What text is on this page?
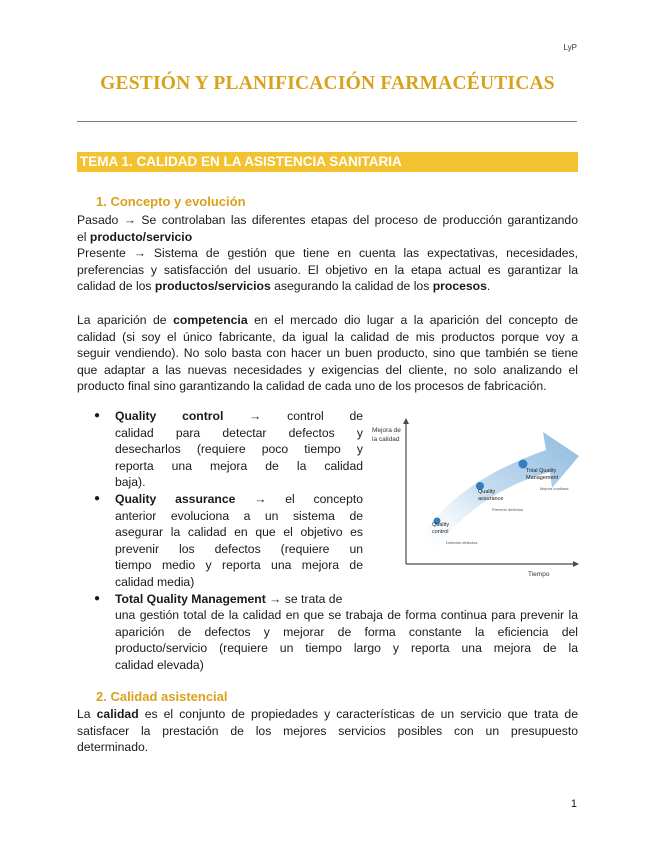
LyP
GESTIÓN Y PLANIFICACIÓN FARMACÉUTICAS
TEMA 1. CALIDAD EN LA ASISTENCIA SANITARIA
1. Concepto y evolución
Pasado → Se controlaban las diferentes etapas del proceso de producción garantizando
el producto/servicio
Presente → Sistema de gestión que tiene en cuenta las expectativas, necesidades,
preferencias y satisfacción del usuario. El objetivo en la etapa actual es garantizar la
calidad de los productos/servicios asegurando la calidad de los procesos.
La aparición de competencia en el mercado dio lugar a la aparición del concepto de
calidad (si soy el único fabricante, da igual la calidad de mis productos porque voy a
seguir vendiendo). No solo basta con hacer un buen producto, sino que también se tiene
que adaptar a las nuevas necesidades y exigencias del cliente, no solo analizando el
producto final sino garantizando la calidad de cada uno de los procesos de fabricación.
● Quality control → control de
calidad para detectar defectos y
desecharlos (requiere poco tiempo y
reporta una mejora de la calidad
baja).
● Quality assurance → el concepto
anterior evoluciona a un sistema de
asegurar la calidad en que el objetivo es
prevenir los defectos (requiere un
tiempo medio y reporta una mejora de
calidad media)
● Total Quality Management → se trata de
una gestión total de la calidad en que se trabaja de forma continua para prevenir la
aparición de defectos y mejorar de forma constante la eficiencia del
producto/servicio (requiere un tiempo largo y reporta una mejora de la
calidad elevada)
Mejora de
la calidad
Tiempo
Quality
control
Detectar defectos
Quality
assurance
Prevenir defectos
Total Quality
Management
Mejora continua
2. Calidad asistencial
La calidad es el conjunto de propiedades y características de un servicio que trata de
satisfacer la prestación de los mejores servicios posibles con un presupuesto
determinado.
1
